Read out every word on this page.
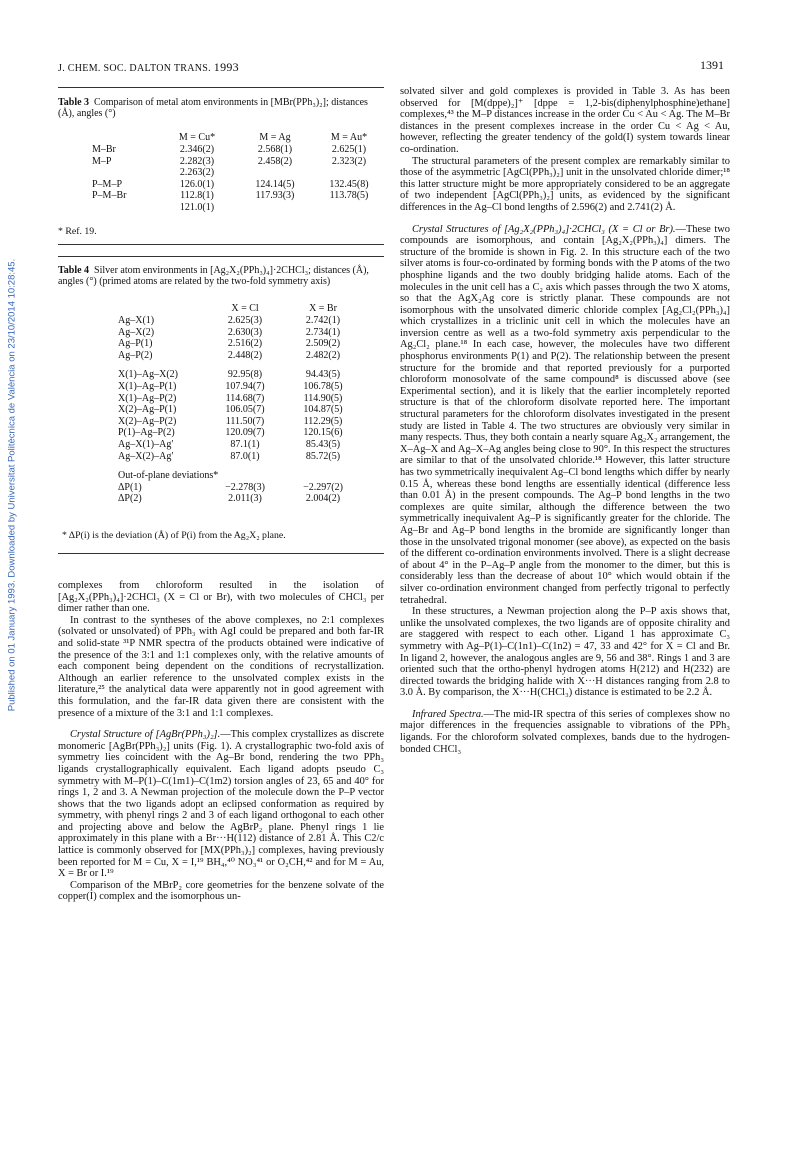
J. CHEM. SOC. DALTON TRANS. 1993	1391
Published on 01 January 1993. Downloaded by Universitat Politècnica de València on 23/10/2014 10:28:45.
Table 3 Comparison of metal atom environments in [MBr(PPh₃)₂]; distances (Å), angles (°)
	M = Cu*	M = Ag	M = Au*
M–Br	2.346(2)	2.568(1)	2.625(1)
M–P	2.282(3)	2.458(2)	2.323(2)
	2.263(2)		
P–M–P	126.0(1)	124.14(5)	132.45(8)
P–M–Br	112.8(1)	117.93(3)	113.78(5)
	121.0(1)		
* Ref. 19.
Table 4 Silver atom environments in [Ag₂X₂(PPh₃)₄]·2CHCl₃; distances (Å), angles (°) (primed atoms are related by the two-fold symmetry axis)
	X = Cl	X = Br
Ag–X(1)	2.625(3)	2.742(1)
Ag–X(2)	2.630(3)	2.734(1)
Ag–P(1)	2.516(2)	2.509(2)
Ag–P(2)	2.448(2)	2.482(2)

X(1)–Ag–X(2)	92.95(8)	94.43(5)
X(1)–Ag–P(1)	107.94(7)	106.78(5)
X(1)–Ag–P(2)	114.68(7)	114.90(5)
X(2)–Ag–P(1)	106.05(7)	104.87(5)
X(2)–Ag–P(2)	111.50(7)	112.29(5)
P(1)–Ag–P(2)	120.09(7)	120.15(6)
Ag–X(1)–Ag′	87.1(1)	85.43(5)
Ag–X(2)–Ag′	87.0(1)	85.72(5)

Out-of-plane deviations*		
ΔP(1)	−2.278(3)	−2.297(2)
ΔP(2)	2.011(3)	2.004(2)
* ΔP(i) is the deviation (Å) of P(i) from the Ag₂X₂ plane.

complexes from chloroform resulted in the isolation of [Ag₂X₂(PPh₃)₄]·2CHCl₃ (X = Cl or Br), with two molecules of CHCl₃ per dimer rather than one.

In contrast to the syntheses of the above complexes, no 2:1 complexes (solvated or unsolvated) of PPh₃ with AgI could be prepared and both far-IR and solid-state ³¹P NMR spectra of the products obtained were indicative of the presence of the 3:1 and 1:1 complexes only, with the relative amounts of each component being dependent on the conditions of recrystallization. Although an earlier reference to the unsolvated complex exists in the literature,²⁵ the analytical data were apparently not in good agreement with this formulation, and the far-IR data given there are consistent with the presence of a mixture of the 3:1 and 1:1 complexes.

Crystal Structure of [AgBr(PPh₃)₂].—This complex crystallizes as discrete monomeric [AgBr(PPh₃)₂] units (Fig. 1). A crystallographic two-fold axis of symmetry lies coincident with the Ag–Br bond, rendering the two PPh₃ ligands crystallographically equivalent. Each ligand adopts pseudo C₃ symmetry with M–P(1)–C(1m1)–C(1m2) torsion angles of 23, 65 and 40° for rings 1, 2 and 3. A Newman projection of the molecule down the P–P vector shows that the two ligands adopt an eclipsed conformation as required by symmetry, with phenyl rings 2 and 3 of each ligand orthogonal to each other and projecting above and below the AgBrP₂ plane. Phenyl rings 1 lie approximately in this plane with a Br···H(112) distance of 2.81 Å. This C2/c lattice is commonly observed for [MX(PPh₃)₂] complexes, having previously been reported for M = Cu, X = I,¹⁹ BH₄,⁴⁰ NO₃⁴¹ or O₂CH,⁴² and for M = Au, X = Br or I.¹⁹

Comparison of the MBrP₂ core geometries for the benzene solvate of the copper(I) complex and the isomorphous un-

solvated silver and gold complexes is provided in Table 3. As has been observed for [M(dppe)₂]⁺ [dppe = 1,2-bis(diphenylphosphine)ethane] complexes,⁴³ the M–P distances increase in the order Cu < Au < Ag. The M–Br distances in the present complexes increase in the order Cu < Ag < Au, however, reflecting the greater tendency of the gold(I) system towards linear co-ordination.

The structural parameters of the present complex are remarkably similar to those of the asymmetric [AgCl(PPh₃)₂] unit in the unsolvated chloride dimer;¹⁸ this latter structure might be more appropriately considered to be an aggregate of two independent [AgCl(PPh₃)₂] units, as evidenced by the significant differences in the Ag–Cl bond lengths of 2.596(2) and 2.741(2) Å.

Crystal Structures of [Ag₂X₂(PPh₃)₄]·2CHCl₃ (X = Cl or Br).—These two compounds are isomorphous, and contain [Ag₂X₂(PPh₃)₄] dimers. The structure of the bromide is shown in Fig. 2. In this structure each of the two silver atoms is four-co-ordinated by forming bonds with the P atoms of the two phosphine ligands and the two doubly bridging halide atoms. Each of the molecules in the unit cell has a C₂ axis which passes through the two X atoms, so that the AgX₂Ag core is strictly planar. These compounds are not isomorphous with the unsolvated dimeric chloride complex [Ag₂Cl₂(PPh₃)₄] which crystallizes in a triclinic unit cell in which the molecules have an inversion centre as well as a two-fold symmetry axis perpendicular to the Ag₂Cl₂ plane.¹⁸ In each case, however, the molecules have two different phosphorus environments P(1) and P(2). The relationship between the present structure for the bromide and that reported previously for a purported chloroform monosolvate of the same compound⁸ is discussed above (see Experimental section), and it is likely that the earlier incompletely reported structure is that of the chloroform disolvate reported here. The important structural parameters for the chloroform disolvates investigated in the present study are listed in Table 4. The two structures are obviously very similar in many respects. Thus, they both contain a nearly square Ag₂X₂ arrangement, the X–Ag–X and Ag–X–Ag angles being close to 90°. In this respect the structures are similar to that of the unsolvated chloride.¹⁸ However, this latter structure has two symmetrically inequivalent Ag–Cl bond lengths which differ by nearly 0.15 Å, whereas these bond lengths are essentially identical (difference less than 0.01 Å) in the present compounds. The Ag–P bond lengths in the two complexes are quite similar, although the difference between the two symmetrically inequivalent Ag–P is significantly greater for the chloride. The Ag–Br and Ag–P bond lengths in the bromide are significantly longer than those in the unsolvated trigonal monomer (see above), as expected on the basis of the different co-ordination environments involved. There is a slight decrease of about 4° in the P–Ag–P angle from the monomer to the dimer, but this is considerably less than the decrease of about 10° which would obtain if the silver co-ordination environment changed from perfectly trigonal to perfectly tetrahedral.

In these structures, a Newman projection along the P–P axis shows that, unlike the unsolvated complexes, the two ligands are of opposite chirality and are staggered with respect to each other. Ligand 1 has approximate C₃ symmetry with Ag–P(1)–C(1n1)–C(1n2) = 47, 33 and 42° for X = Cl and Br. In ligand 2, however, the analogous angles are 9, 56 and 38°. Rings 1 and 3 are oriented such that the ortho-phenyl hydrogen atoms H(212) and H(232) are directed towards the bridging halide with X···H distances ranging from 2.8 to 3.0 Å. By comparison, the X···H(CHCl₃) distance is estimated to be 2.2 Å.

Infrared Spectra.—The mid-IR spectra of this series of complexes show no major differences in the frequencies assignable to vibrations of the PPh₃ ligands. For the chloroform solvated complexes, bands due to the hydrogen-bonded CHCl₃
